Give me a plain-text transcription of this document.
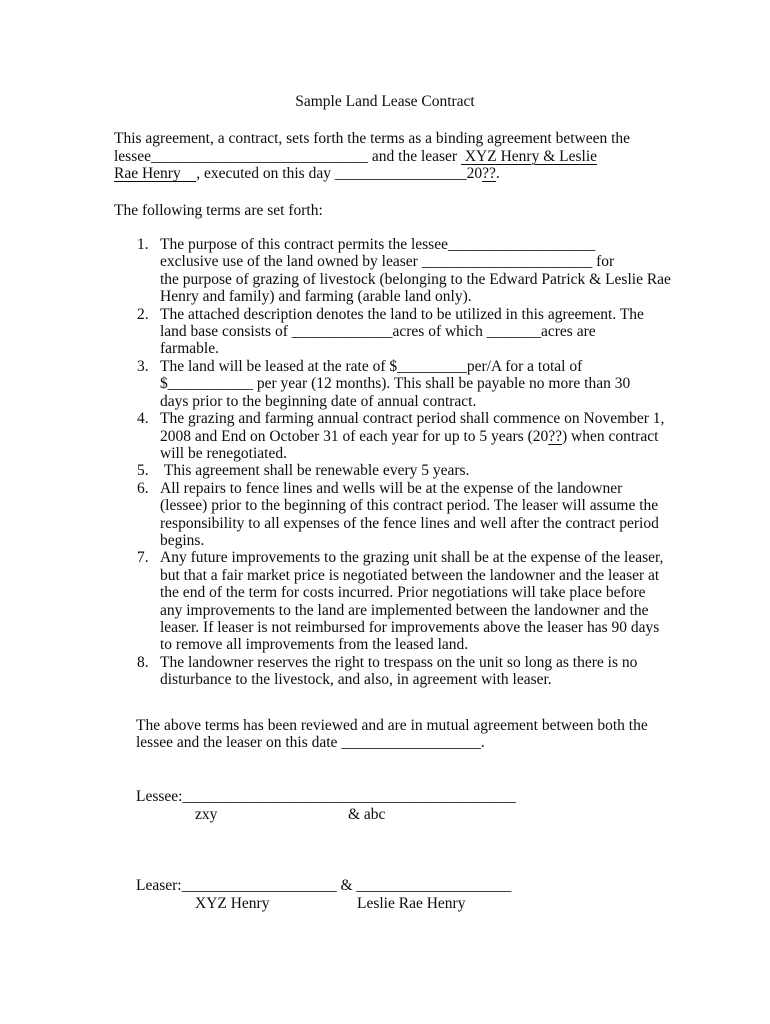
Sample Land Lease Contract
This agreement, a contract, sets forth the terms as a binding agreement between the
lessee____________________________ and the leaser  XYZ Henry & Leslie
Rae Henry    , executed on this day _________________20??.
The following terms are set forth:
1. The purpose of this contract permits the lessee___________________
exclusive use of the land owned by leaser ______________________ for
the purpose of grazing of livestock (belonging to the Edward Patrick & Leslie Rae
Henry and family) and farming (arable land only).
2. The attached description denotes the land to be utilized in this agreement. The
land base consists of _____________acres of which _______acres are
farmable.
3. The land will be leased at the rate of $_________per/A for a total of
$___________ per year (12 months). This shall be payable no more than 30
days prior to the beginning date of annual contract.
4. The grazing and farming annual contract period shall commence on November 1,
2008 and End on October 31 of each year for up to 5 years (20??) when contract
will be renegotiated.
5. This agreement shall be renewable every 5 years.
6. All repairs to fence lines and wells will be at the expense of the landowner
(lessee) prior to the beginning of this contract period. The leaser will assume the
responsibility to all expenses of the fence lines and well after the contract period
begins.
7. Any future improvements to the grazing unit shall be at the expense of the leaser,
but that a fair market price is negotiated between the landowner and the leaser at
the end of the term for costs incurred. Prior negotiations will take place before
any improvements to the land are implemented between the landowner and the
leaser. If leaser is not reimbursed for improvements above the leaser has 90 days
to remove all improvements from the leased land.
8. The landowner reserves the right to trespass on the unit so long as there is no
disturbance to the livestock, and also, in agreement with leaser.
The above terms has been reviewed and are in mutual agreement between both the
lessee and the leaser on this date __________________.
Lessee:___________________________________________
zxy	& abc
Leaser:____________________ & ____________________
XYZ Henry	Leslie Rae Henry
